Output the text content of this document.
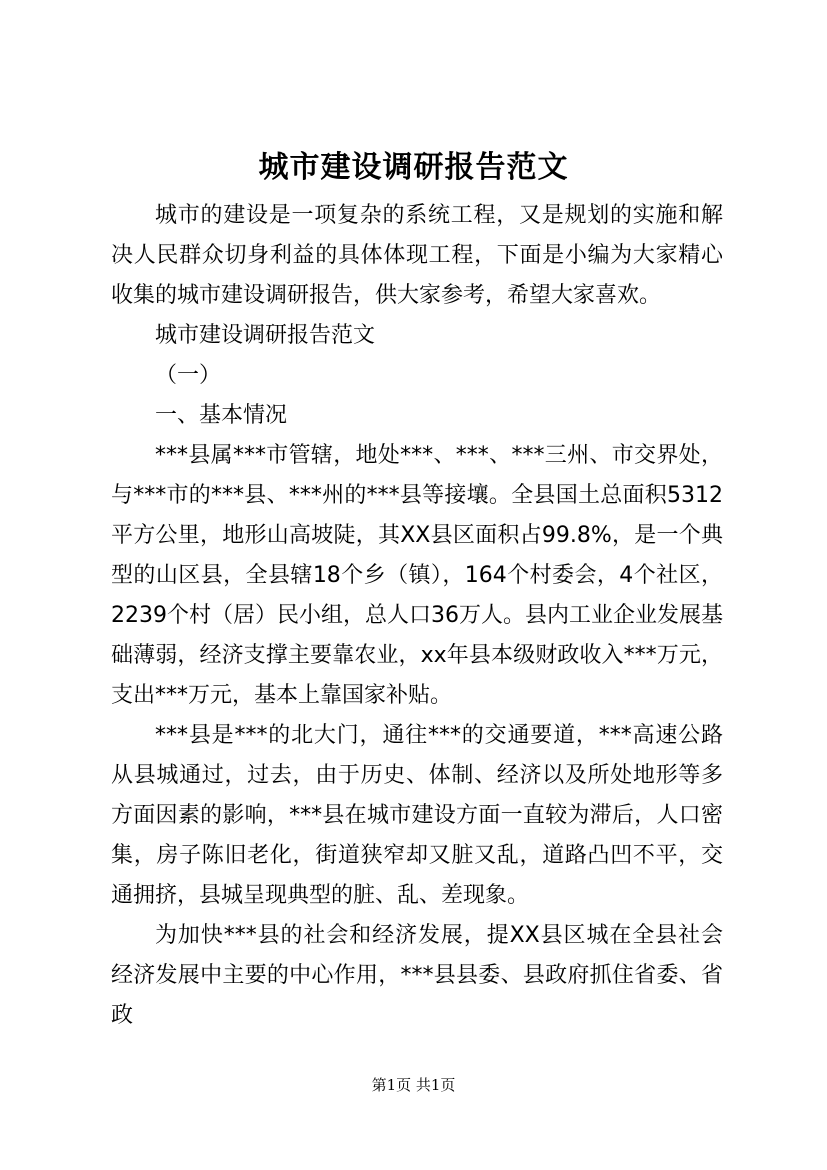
城市建设调研报告范文

城市的建设是一项复杂的系统工程，又是规划的实施和解决人民群众切身利益的具体体现工程，下面是小编为大家精心收集的城市建设调研报告，供大家参考，希望大家喜欢。

城市建设调研报告范文

（一）

一、基本情况

***县属***市管辖，地处***、***、***三州、市交界处，与***市的***县、***州的***县等接壤。全县国土总面积5312平方公里，地形山高坡陡，其XX县区面积占99.8%，是一个典型的山区县，全县辖18个乡（镇），164个村委会，4个社区，2239个村（居）民小组，总人口36万人。县内工业企业发展基础薄弱，经济支撑主要靠农业，xx年县本级财政收入***万元，支出***万元，基本上靠国家补贴。

***县是***的北大门，通往***的交通要道，***高速公路从县城通过，过去，由于历史、体制、经济以及所处地形等多方面因素的影响，***县在城市建设方面一直较为滞后，人口密集，房子陈旧老化，街道狭窄却又脏又乱，道路凸凹不平，交通拥挤，县城呈现典型的脏、乱、差现象。

为加快***县的社会和经济发展，提XX县区城在全县社会经济发展中主要的中心作用，***县县委、县政府抓住省委、省政

第1页 共1页
